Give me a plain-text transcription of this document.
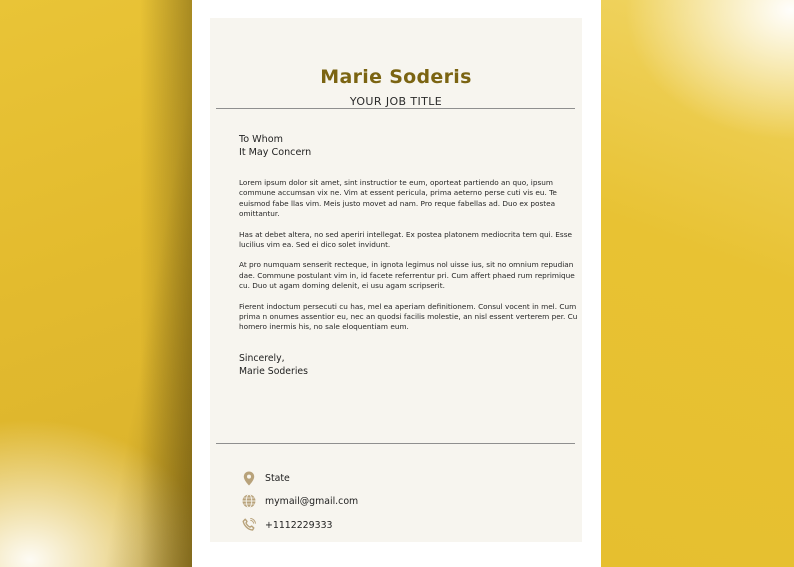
Marie Soderis
YOUR JOB TITLE
To Whom
It May Concern

Lorem ipsum dolor sit amet, sint instructior te eum, oporteat partiendo an quo, ipsum commune accumsan vix ne. Vim at essent pericula, prima aeterno perse cuti vis eu. Te euismod fabe llas vim. Meis justo movet ad nam. Pro reque fabellas ad. Duo ex postea omittantur.

Has at debet altera, no sed aperiri intellegat. Ex postea platonem mediocrita tem qui. Esse lucilius vim ea. Sed ei dico solet invidunt.

At pro numquam senserit recteque, in ignota legimus nol uisse ius, sit no omnium repudian dae. Commune postulant vim in, id facete referrentur pri. Cum affert phaed rum reprimique cu. Duo ut agam doming delenit, ei usu agam scripserit.

Fierent indoctum persecuti cu has, mel ea aperiam definitionem. Consul vocent in mel. Cum prima n onumes assentior eu, nec an quodsi facilis molestie, an nisl essent verterem per. Cu homero inermis his, no sale eloquentiam eum.

Sincerely,
Marie Soderies
State
mymail@gmail.com
+1112229333
